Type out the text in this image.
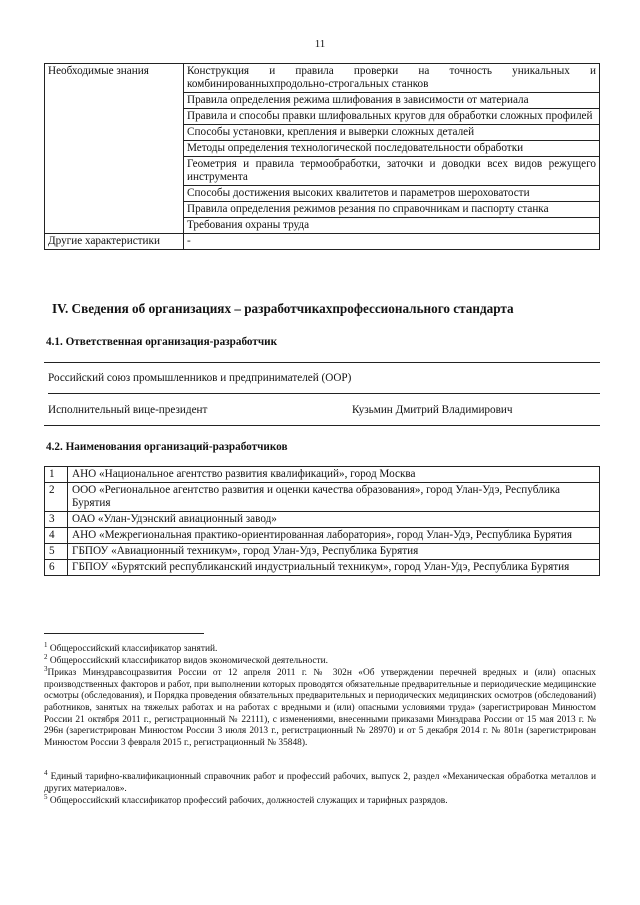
11
Необходимые знания	Конструкция и правила проверки на точность уникальных и комбинированныхпродольно-строгальных станков
	Правила определения режима шлифования в зависимости от материала
	Правила и способы правки шлифовальных кругов для обработки сложных профилей
	Способы установки, крепления и выверки сложных деталей
	Методы определения технологической последовательности обработки
	Геометрия и правила термообработки, заточки и доводки всех видов режущего инструмента
	Способы достижения высоких квалитетов и параметров шероховатости
	Правила определения режимов резания по справочникам и паспорту станка
	Требования охраны труда
Другие характеристики	-
IV. Сведения об организациях – разработчикахпрофессионального стандарта
4.1. Ответственная организация-разработчик
Российский союз промышленников и предпринимателей (ООР)
Исполнительный вице-президент	Кузьмин Дмитрий Владимирович
4.2. Наименования организаций-разработчиков
1	АНО «Национальное агентство развития квалификаций», город Москва
2	ООО «Региональное агентство развития и оценки качества образования», город Улан-Удэ, Республика Бурятия
3	ОАО «Улан-Удэнский авиационный завод»
4	АНО «Межрегиональная практико-ориентированная лаборатория», город Улан-Удэ, Республика Бурятия
5	ГБПОУ «Авиационный техникум», город Улан-Удэ, Республика Бурятия
6	ГБПОУ «Бурятский республиканский индустриальный техникум», город Улан-Удэ, Республика Бурятия

$^1$ Общероссийский классификатор занятий.

$^2$ Общероссийский классификатор видов экономической деятельности.

$^3$Приказ Минздравсоцразвития России от 12 апреля 2011 г. № 302н «Об утверждении перечней вредных и (или) опасных производственных факторов и работ, при выполнении которых проводятся обязательные предварительные и периодические медицинские осмотры (обследования), и Порядка проведения обязательных предварительных и периодических медицинских осмотров (обследований) работников, занятых на тяжелых работах и на работах с вредными и (или) опасными условиями труда» (зарегистрирован Минюстом России 21 октября 2011 г., регистрационный № 22111), с изменениями, внесенными приказами Минздрава России от 15 мая 2013 г. № 296н (зарегистрирован Минюстом России 3 июля 2013 г., регистрационный № 28970) и от 5 декабря 2014 г. № 801н (зарегистрирован Минюстом России 3 февраля 2015 г., регистрационный № 35848).

$^4$ Единый тарифно-квалификационный справочник работ и профессий рабочих, выпуск 2, раздел «Механическая обработка металлов и других материалов».

$^5$ Общероссийский классификатор профессий рабочих, должностей служащих и тарифных разрядов.
